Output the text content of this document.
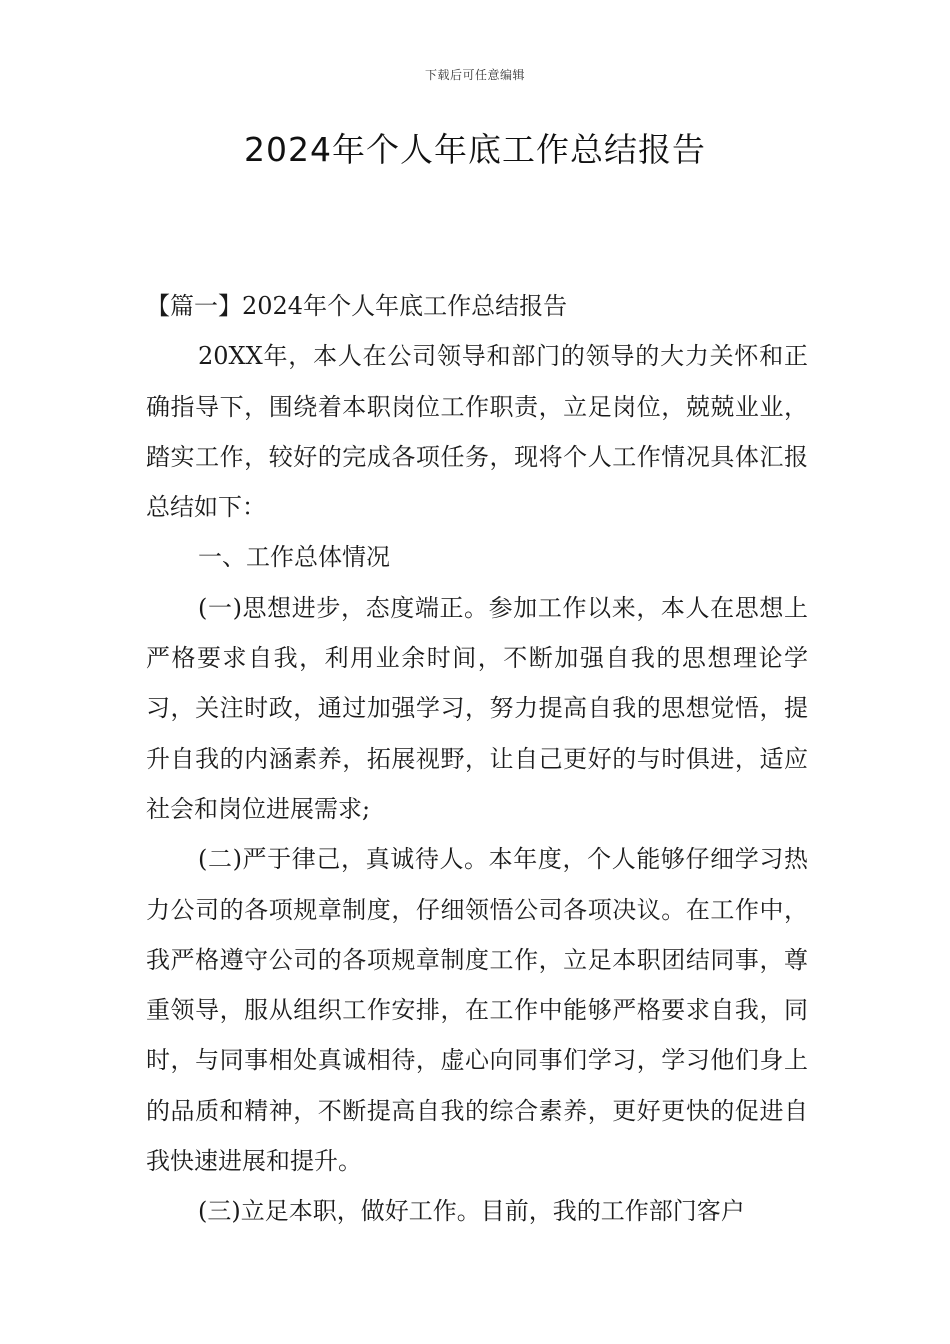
下载后可任意编辑
2024年个人年底工作总结报告

【篇一】2024年个人年底工作总结报告

20XX年，本人在公司领导和部门的领导的大力关怀和正确指导下，围绕着本职岗位工作职责，立足岗位，兢兢业业，踏实工作，较好的完成各项任务，现将个人工作情况具体汇报总结如下：

一、工作总体情况

(一)思想进步，态度端正。参加工作以来，本人在思想上严格要求自我，利用业余时间，不断加强自我的思想理论学习，关注时政，通过加强学习，努力提高自我的思想觉悟，提升自我的内涵素养，拓展视野，让自己更好的与时俱进，适应社会和岗位进展需求;

(二)严于律己，真诚待人。本年度，个人能够仔细学习热力公司的各项规章制度，仔细领悟公司各项决议。在工作中，我严格遵守公司的各项规章制度工作，立足本职团结同事，尊重领导，服从组织工作安排，在工作中能够严格要求自我，同时，与同事相处真诚相待，虚心向同事们学习，学习他们身上的品质和精神，不断提高自我的综合素养，更好更快的促进自我快速进展和提升。

(三)立足本职，做好工作。目前，我的工作部门客户
